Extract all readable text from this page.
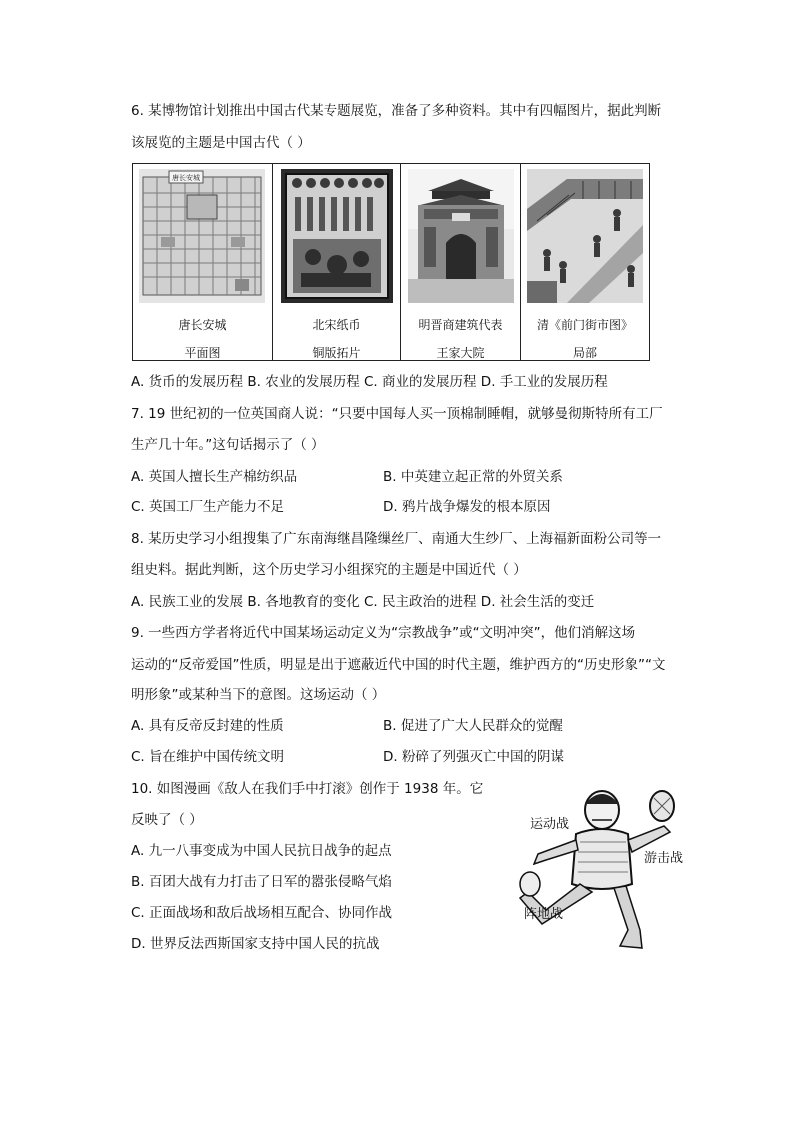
6. 某博物馆计划推出中国古代某专题展览，准备了多种资料。其中有四幅图片，据此判断
该展览的主题是中国古代（ ）
唐长安城
唐长安城
平面图
北宋纸币
铜版拓片
明晋商建筑代表
王家大院
清《前门街市图》
局部
A. 货币的发展历程 B. 农业的发展历程 C. 商业的发展历程 D. 手工业的发展历程
7. 19 世纪初的一位英国商人说：“只要中国每人买一顶棉制睡帽，就够曼彻斯特所有工厂
生产几十年。”这句话揭示了（ ）
A. 英国人擅长生产棉纺织品	B. 中英建立起正常的外贸关系
C. 英国工厂生产能力不足	D. 鸦片战争爆发的根本原因
8. 某历史学习小组搜集了广东南海继昌隆缫丝厂、南通大生纱厂、上海福新面粉公司等一
组史料。据此判断，这个历史学习小组探究的主题是中国近代（ ）
A. 民族工业的发展 B. 各地教育的变化 C. 民主政治的进程 D. 社会生活的变迁
9. 一些西方学者将近代中国某场运动定义为“宗教战争”或“文明冲突”，他们消解这场
运动的“反帝爱国”性质，明显是出于遮蔽近代中国的时代主题，维护西方的“历史形象”“文
明形象”或某种当下的意图。这场运动（ ）
A. 具有反帝反封建的性质	B. 促进了广大人民群众的觉醒
C. 旨在维护中国传统文明	D. 粉碎了列强灭亡中国的阴谋
10. 如图漫画《敌人在我们手中打滚》创作于 1938 年。它
反映了（ ）
A. 九一八事变成为中国人民抗日战争的起点
B. 百团大战有力打击了日军的嚣张侵略气焰
C. 正面战场和敌后战场相互配合、协同作战
D. 世界反法西斯国家支持中国人民的抗战
运动战
游击战
阵地战
